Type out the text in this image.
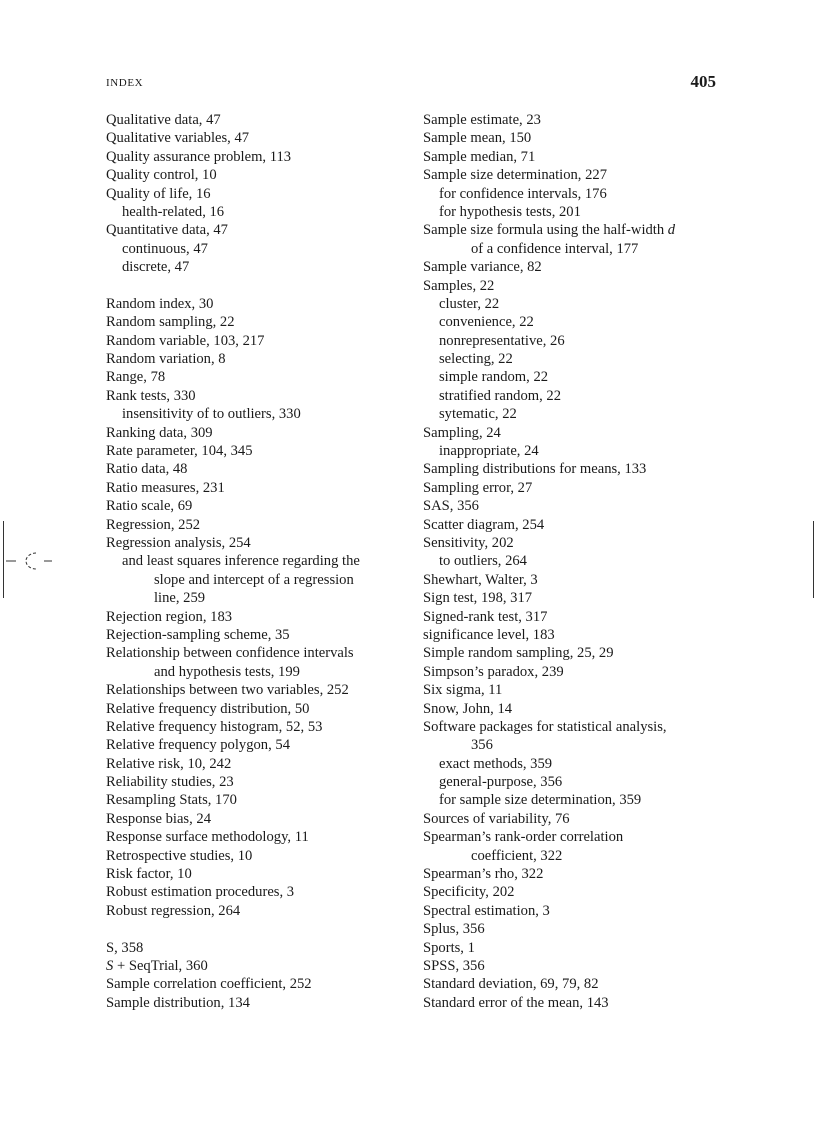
INDEX	405
Qualitative data, 47
Qualitative variables, 47
Quality assurance problem, 113
Quality control, 10
Quality of life, 16
health-related, 16
Quantitative data, 47
continuous, 47
discrete, 47
Random index, 30
Random sampling, 22
Random variable, 103, 217
Random variation, 8
Range, 78
Rank tests, 330
insensitivity of to outliers, 330
Ranking data, 309
Rate parameter, 104, 345
Ratio data, 48
Ratio measures, 231
Ratio scale, 69
Regression, 252
Regression analysis, 254
and least squares inference regarding the
slope and intercept of a regression
line, 259
Rejection region, 183
Rejection-sampling scheme, 35
Relationship between confidence intervals
and hypothesis tests, 199
Relationships between two variables, 252
Relative frequency distribution, 50
Relative frequency histogram, 52, 53
Relative frequency polygon, 54
Relative risk, 10, 242
Reliability studies, 23
Resampling Stats, 170
Response bias, 24
Response surface methodology, 11
Retrospective studies, 10
Risk factor, 10
Robust estimation procedures, 3
Robust regression, 264
S, 358
S + SeqTrial, 360
Sample correlation coefficient, 252
Sample distribution, 134
Sample estimate, 23
Sample mean, 150
Sample median, 71
Sample size determination, 227
for confidence intervals, 176
for hypothesis tests, 201
Sample size formula using the half-width d
of a confidence interval, 177
Sample variance, 82
Samples, 22
cluster, 22
convenience, 22
nonrepresentative, 26
selecting, 22
simple random, 22
stratified random, 22
sytematic, 22
Sampling, 24
inappropriate, 24
Sampling distributions for means, 133
Sampling error, 27
SAS, 356
Scatter diagram, 254
Sensitivity, 202
to outliers, 264
Shewhart, Walter, 3
Sign test, 198, 317
Signed-rank test, 317
significance level, 183
Simple random sampling, 25, 29
Simpson’s paradox, 239
Six sigma, 11
Snow, John, 14
Software packages for statistical analysis,
356
exact methods, 359
general-purpose, 356
for sample size determination, 359
Sources of variability, 76
Spearman’s rank-order correlation
coefficient, 322
Spearman’s rho, 322
Specificity, 202
Spectral estimation, 3
Splus, 356
Sports, 1
SPSS, 356
Standard deviation, 69, 79, 82
Standard error of the mean, 143
